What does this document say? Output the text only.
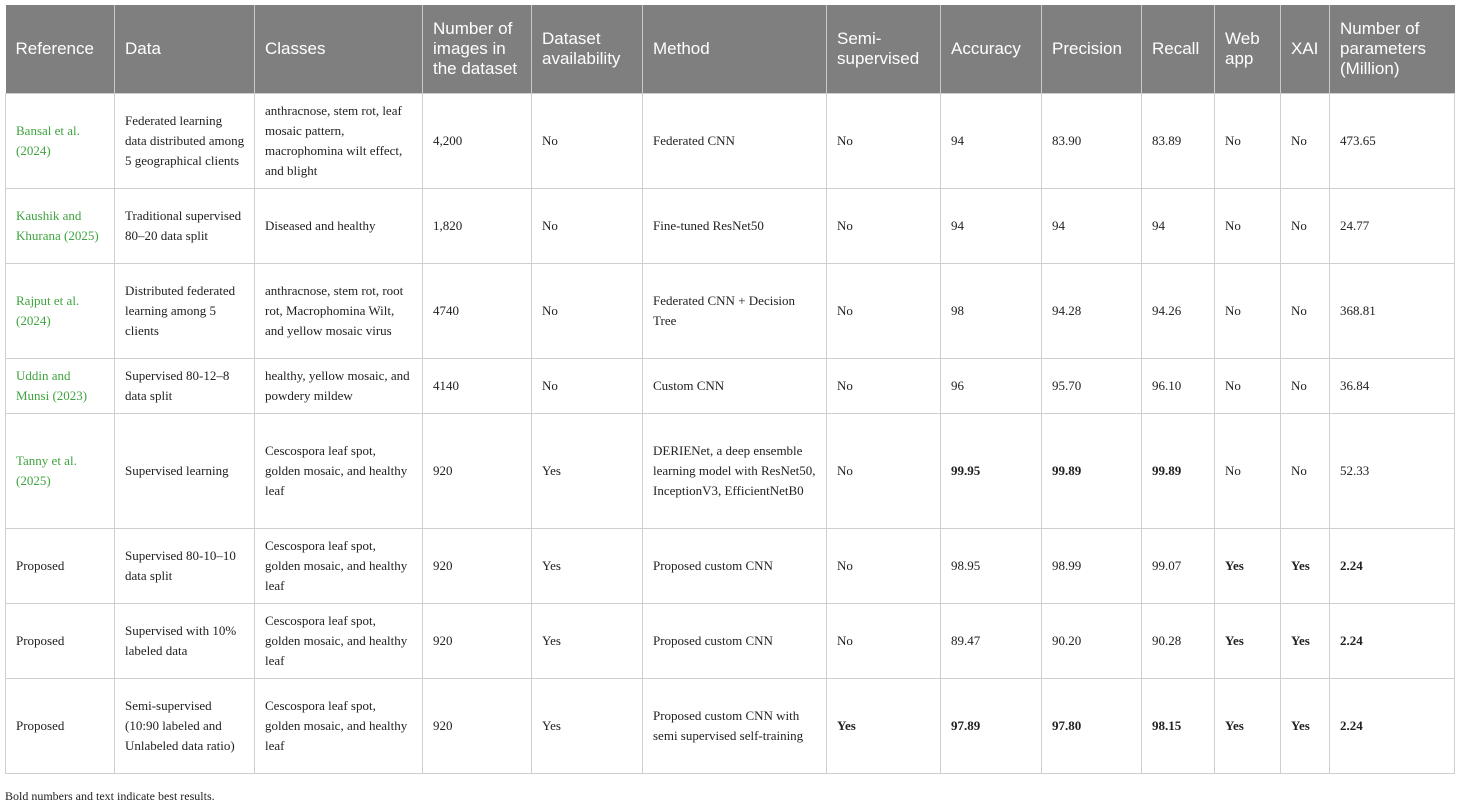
Reference	Data	Classes	Number of images in the dataset	Dataset availability	Method	Semi-supervised	Accuracy	Precision	Recall	Web app	XAI	Number of parameters (Million)
Bansal et al. (2024)	Federated learning data distributed among 5 geographical clients	anthracnose, stem rot, leaf mosaic pattern, macrophomina wilt effect, and blight	4,200	No	Federated CNN	No	94	83.90	83.89	No	No	473.65
Kaushik and Khurana (2025)	Traditional supervised 80–20 data split	Diseased and healthy	1,820	No	Fine-tuned ResNet50	No	94	94	94	No	No	24.77
Rajput et al. (2024)	Distributed federated learning among 5 clients	anthracnose, stem rot, root rot, Macrophomina Wilt, and yellow mosaic virus	4740	No	Federated CNN + Decision Tree	No	98	94.28	94.26	No	No	368.81
Uddin and Munsi (2023)	Supervised 80-12–8 data split	healthy, yellow mosaic, and powdery mildew	4140	No	Custom CNN	No	96	95.70	96.10	No	No	36.84
Tanny et al. (2025)	Supervised learning	Cescospora leaf spot, golden mosaic, and healthy leaf	920	Yes	DERIENet, a deep ensemble learning model with ResNet50, InceptionV3, EfficientNetB0	No	99.95	99.89	99.89	No	No	52.33
Proposed	Supervised 80-10–10 data split	Cescospora leaf spot, golden mosaic, and healthy leaf	920	Yes	Proposed custom CNN	No	98.95	98.99	99.07	Yes	Yes	2.24
Proposed	Supervised with 10% labeled data	Cescospora leaf spot, golden mosaic, and healthy leaf	920	Yes	Proposed custom CNN	No	89.47	90.20	90.28	Yes	Yes	2.24
Proposed	Semi-supervised (10:90 labeled and Unlabeled data ratio)	Cescospora leaf spot, golden mosaic, and healthy leaf	920	Yes	Proposed custom CNN with semi supervised self-training	Yes	97.89	97.80	98.15	Yes	Yes	2.24
Bold numbers and text indicate best results.
